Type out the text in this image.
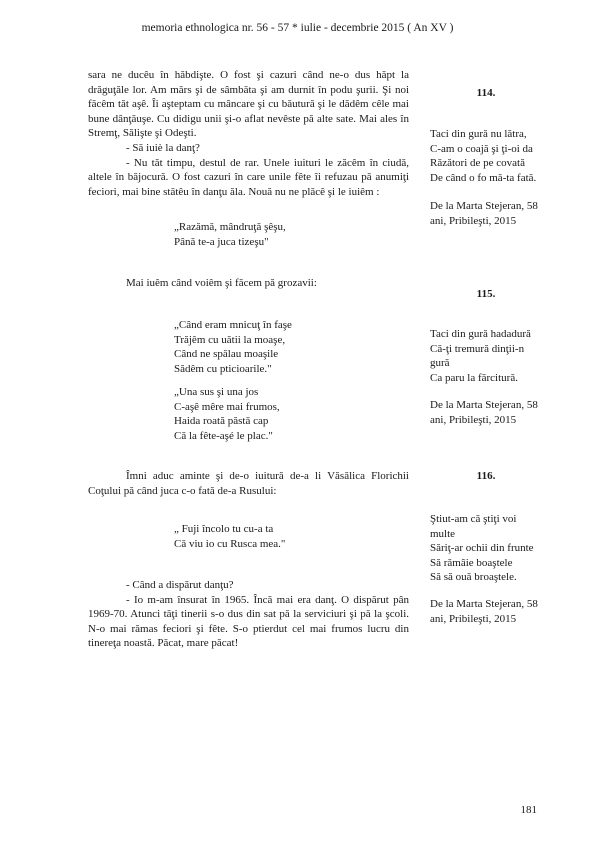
memoria ethnologica nr. 56 - 57 * iulie - decembrie 2015 ( An XV )

sara ne ducêu în hăbdişte. O fost şi cazuri când ne-o dus hăpt la drăguţăle lor. Am mărs şi de sâmbăta şi am durnit în podu şurii. Şi noi făcêm tăt aşê. Îi aşteptam cu mâncare şi cu băutură şi le dădêm cêle mai bune dânţăuşe. Cu didigu unii şi-o aflat nevêste pă alte sate. Mai ales în Stremţ, Sălişte şi Odeşti.

- Să iuiè la danţ?

- Nu tăt timpu, destul de rar. Unele iuituri le zăcêm în ciudă, altele în băjocură. O fost cazuri în care unile fête îi refuzau pă anumiţi feciori, mai bine stătêu în danţu ăla. Nouă nu ne plăcê şi le iuiêm :

„Razămă, mândruţă şêşu,
Până te-a juca tizeşu"

Mai iuêm când voiêm şi făcem pă grozavii:

„Când eram mnicuţ în faşe
Trăjêm cu uătii la moaşe,
Când ne spălau moaşile
Sădêm cu pticioarile."
„Una sus şi una jos
C-aşê mêre mai frumos,
Haida roată păstă cap
Că la fête-aşé le plac."

Îmni aduc aminte şi de-o iuitură de-a li Văsălica Florichii Coţului pă când juca c-o fată de-a Rusului:

„ Fuji încolo tu cu-a ta
Că viu io cu Rusca mea."

- Când a dispărut danţu?

- Io m-am însurat în 1965. Încă mai era danţ. O dispărut pân 1969-70. Atunci tăţi tinerii s-o dus din sat pă la serviciuri şi pă la şcoli. N-o mai rămas feciori şi fête. S-o ptierdut cel mai frumos lucru din tinereţa noastă. Păcat, mare păcat!

114.
Taci din gură nu lătra,
C-am o coajă şi ţi-oi da
Răzători de pe covată
De când o fo mă-ta fată.
De la Marta Stejeran, 58 ani, Pribileşti, 2015
115.
Taci din gură hadadură
Că-ţi tremură dinţii-n gură
Ca paru la fărcitură.
De la Marta Stejeran, 58 ani, Pribileşti, 2015
116.
Ştiut-am că ştiţi voi multe
Săriţ-ar ochii din frunte
Să rămâie boaştele
Să să ouă broaştele.
De la Marta Stejeran, 58 ani, Pribileşti, 2015
181
